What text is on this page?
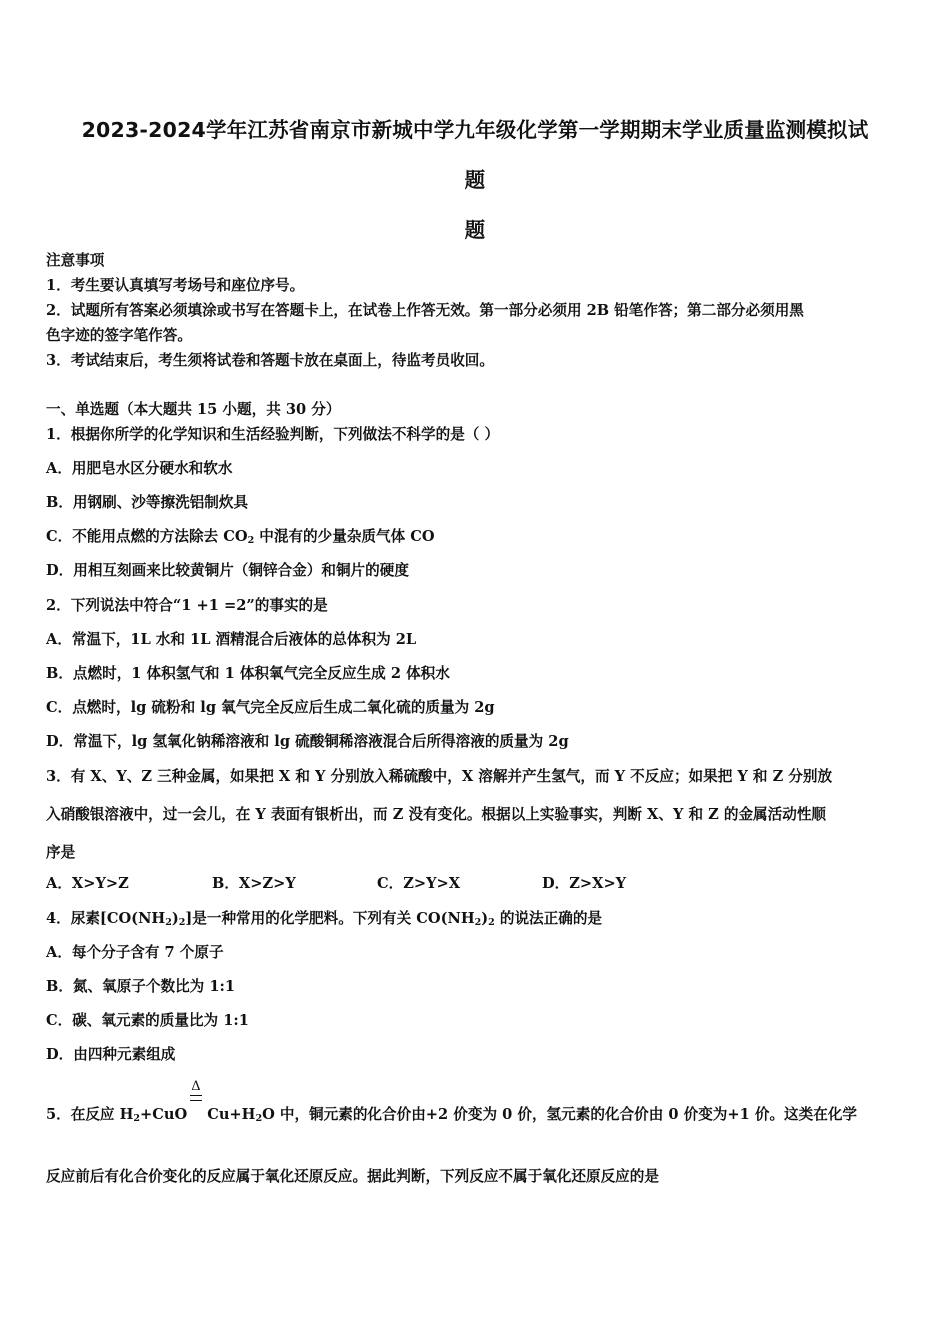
2023-2024学年江苏省南京市新城中学九年级化学第一学期期末学业质量监测模拟试
题
题
注意事项
1．考生要认真填写考场号和座位序号。
2．试题所有答案必须填涂或书写在答题卡上，在试卷上作答无效。第一部分必须用 2B 铅笔作答；第二部分必须用黑
色字迹的签字笔作答。
3．考试结束后，考生须将试卷和答题卡放在桌面上，待监考员收回。
一、单选题（本大题共 15 小题，共 30 分）
1．根据你所学的化学知识和生活经验判断，下列做法不科学的是（ ）
A．用肥皂水区分硬水和软水
B．用钢刷、沙等擦洗铝制炊具
C．不能用点燃的方法除去 $CO_2$ 中混有的少量杂质气体 CO
D．用相互刻画来比较黄铜片（铜锌合金）和铜片的硬度
2．下列说法中符合“1 +1 =2”的事实的是
A．常温下，1L 水和 1L 酒精混合后液体的总体积为 2L
B．点燃时，1 体积氢气和 1 体积氧气完全反应生成 2 体积水
C．点燃时，lg 硫粉和 lg 氧气完全反应后生成二氧化硫的质量为 2g
D．常温下，lg 氢氧化钠稀溶液和 lg 硫酸铜稀溶液混合后所得溶液的质量为 2g
3．有 X、Y、Z 三种金属，如果把 X 和 Y 分别放入稀硫酸中，X 溶解并产生氢气，而 Y 不反应；如果把 Y 和 Z 分别放
入硝酸银溶液中，过一会儿，在 Y 表面有银析出，而 Z 没有变化。根据以上实验事实，判断 X、Y 和 Z 的金属活动性顺
序是
A．X>Y>Z	B．X>Z>Y	C．Z>Y>X	D．Z>X>Y
4．尿素$[CO(NH_2)_2]$是一种常用的化学肥料。下列有关 $CO(NH_2)_2$ 的说法正确的是
A．每个分子含有 7 个原子
B．氮、氧原子个数比为 1:1
C．碳、氧元素的质量比为 1:1
D．由四种元素组成
Δ
5．在反应 $H_2+CuO$ $Cu+H_2O$ 中，铜元素的化合价由+2 价变为 0 价，氢元素的化合价由 0 价变为+1 价。这类在化学
反应前后有化合价变化的反应属于氧化还原反应。据此判断，下列反应不属于氧化还原反应的是
